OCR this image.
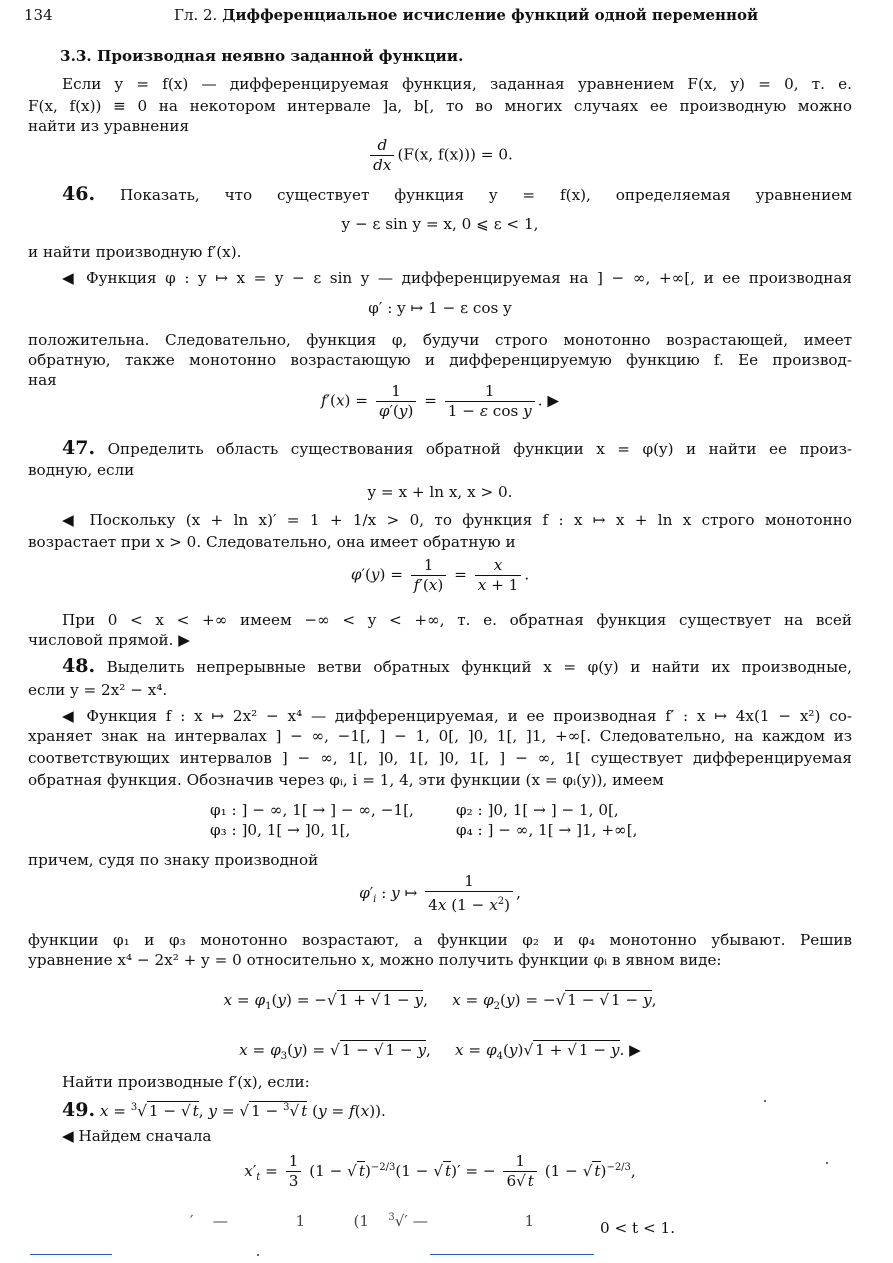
134	Гл. 2. Дифференциальное исчисление функций одной переменной
3.3. Производная неявно заданной функции.
Если y = f(x) — дифференцируемая функция, заданная уравнением F(x, y) = 0, т. е.
F(x, f(x)) ≡ 0 на некотором интервале ]a, b[, то во многих случаях ее производную можно
найти из уравнения
$\frac{d}{dx} (F(x$, f(x))) = 0.
46. Показать, что существует функция y = f(x), определяемая уравнением
y − ε sin y = x, 0 ⩽ ε < 1,
и найти производную f′(x).
◀ Функция φ : y ↦ x = y − ε sin y — дифференцируемая на ] − ∞, +∞[, и ее производная
φ′ : y ↦ 1 − ε cos y
положительна. Следовательно, функция φ, будучи строго монотонно возрастающей, имеет
обратную, также монотонно возрастающую и дифференцируемую функцию f. Ее производ-
ная
$f'(x) = \frac{1}{\varphi'(y)} = \frac{1}{\text{1 − ε cos y}}$ . ▶
47. Определить область существования обратной функции x = φ(y) и найти ее произ-
водную, если
y = x + ln x, x > 0.
◀ Поскольку (x + ln x)′ = 1 + 1/x > 0, то функция f : x ↦ x + ln x строго монотонно
возрастает при x > 0. Следовательно, она имеет обратную и
$\varphi'(y) = \frac{1}{f'(x)} = \frac{x}{x + 1}$ .
При 0 < x < +∞ имеем −∞ < y < +∞, т. е. обратная функция существует на всей
числовой прямой. ▶
48. Выделить непрерывные ветви обратных функций x = φ(y) и найти их производные,
если y = 2x² − x⁴.
◀ Функция f : x ↦ 2x² − x⁴ — дифференцируемая, и ее производная f′ : x ↦ 4x(1 − x²) со-
храняет знак на интервалах ] − ∞, −1[, ] − 1, 0[, ]0, 1[, ]1, +∞[. Следовательно, на каждом из
соответствующих интервалов ] − ∞, 1[, ]0, 1[, ]0, 1[, ] − ∞, 1[ существует дифференцируемая
обратная функция. Обозначив через φᵢ, i = 1, 4, эти функции (x = φᵢ(y)), имеем
φ₁ : ] − ∞, 1[ → ] − ∞, −1[,	φ₂ : ]0, 1[ → ] − 1, 0[,
φ₃ : ]0, 1[ → ]0, 1[,	φ₄ : ] − ∞, 1[ → ]1, +∞[,
причем, судя по знаку производной
$\varphi'_i$ : y ↦ $\frac{1}{4x (1 - x^2)}$ ,
функции φ₁ и φ₃ монотонно возрастают, а функции φ₂ и φ₄ монотонно убывают. Решив
уравнение x⁴ − 2x² + y = 0 относительно x, можно получить функции φᵢ в явном виде:
$x = \varphi_1(y)$ = −√ 1 + √ 1 − y,     $x = \varphi_2(y)$ = −√ 1 − √ 1 − y,
$x = \varphi_3(y)$ = √ 1 − √ 1 − y,     $x = \varphi_4(y)√$ 1 + √ 1 − y. ▶
Найти производные f′(x), если:
49. x = $^3$√ 1 − √ t, y = √ 1 − $^3$√ t (y = f(x)).
◀ Найдем сначала
$x'_t = \frac{1}{3} (1$ − √ t)$^{-2/3}$(1 − √ t)′ = − $\frac{1}{6√ t} (1$ − √ t)$^{-2/3}$,
′    —              1          (1    $^3$√′ —                    1	0 < t < 1.
